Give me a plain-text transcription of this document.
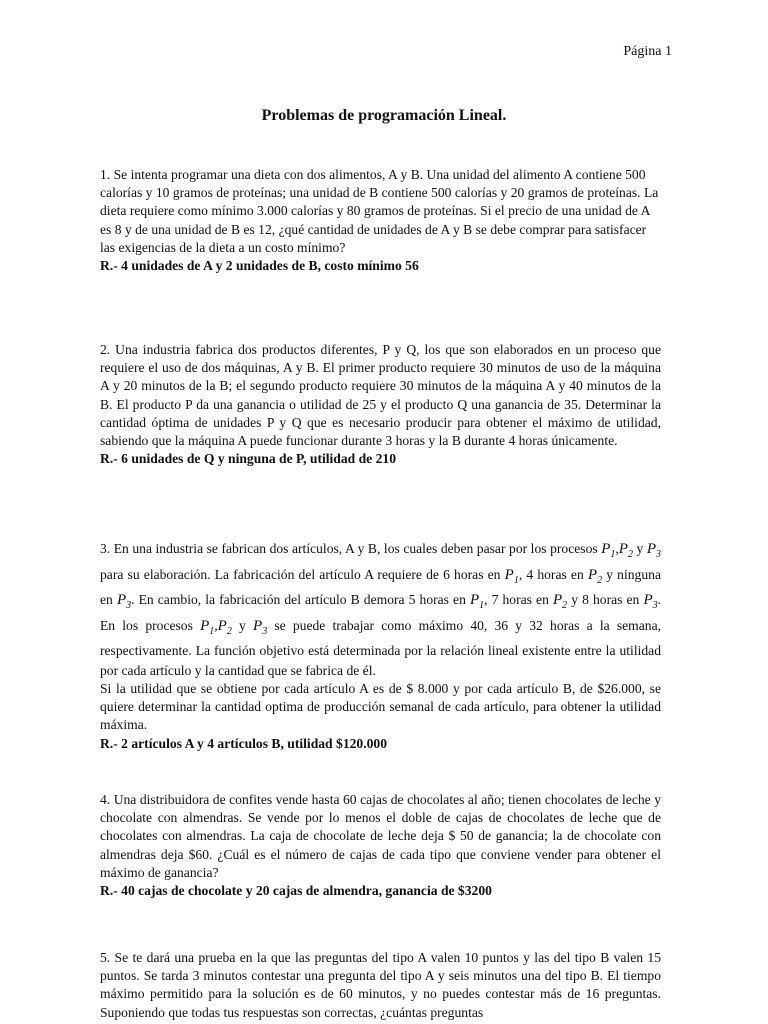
Página 1
Problemas de programación Lineal.

1. Se intenta programar una dieta con dos alimentos, A y B. Una unidad del alimento A contiene 500 calorías y 10 gramos de proteínas; una unidad de B contiene 500 calorías y 20 gramos de proteínas. La dieta requiere como mínimo 3.000 calorías y 80 gramos de proteínas. Si el precio de una unidad de A es 8 y de una unidad de B es 12, ¿qué cantidad de unidades de A y B se debe comprar para satisfacer las exigencias de la dieta a un costo mínimo?

R.- 4 unidades de A y 2 unidades de B, costo mínimo 56

2. Una industria fabrica dos productos diferentes, P y Q, los que son elaborados en un proceso que requiere el uso de dos máquinas, A y B. El primer producto requiere 30 minutos de uso de la máquina A y 20 minutos de la B; el segundo producto requiere 30 minutos de la máquina A y 40 minutos de la B. El producto P da una ganancia o utilidad de 25 y el producto Q una ganancia de 35. Determinar la cantidad óptima de unidades P y Q que es necesario producir para obtener el máximo de utilidad, sabiendo que la máquina A puede funcionar durante 3 horas y la B durante 4 horas únicamente.

R.- 6 unidades de Q y ninguna de P, utilidad de 210

3. En una industria se fabrican dos artículos, A y B, los cuales deben pasar por los procesos $P_1,P_2$ y $P_3$ para su elaboración. La fabricación del artículo A requiere de 6 horas en $P_1$, 4 horas en $P_2$ y ninguna en $P_3$. En cambio, la fabricación del artículo B demora 5 horas en $P_1$, 7 horas en $P_2$ y 8 horas en $P_3$. En los procesos $P_1,P_2$ y $P_3$ se puede trabajar como máximo 40, 36 y 32 horas a la semana, respectivamente. La función objetivo está determinada por la relación lineal existente entre la utilidad por cada artículo y la cantidad que se fabrica de él.

Si la utilidad que se obtiene por cada artículo A es de $ 8.000 y por cada artículo B, de $26.000, se quiere determinar la cantidad optima de producción semanal de cada artículo, para obtener la utilidad máxima.

R.- 2 artículos A y 4 artículos B, utilidad $120.000

4. Una distribuidora de confites vende hasta 60 cajas de chocolates al año; tienen chocolates de leche y chocolate con almendras. Se vende por lo menos el doble de cajas de chocolates de leche que de chocolates con almendras. La caja de chocolate de leche deja $ 50 de ganancia; la de chocolate con almendras deja $60. ¿Cuál es el número de cajas de cada tipo que conviene vender para obtener el máximo de ganancia?

R.- 40 cajas de chocolate y 20 cajas de almendra, ganancia de $3200

5. Se te dará una prueba en la que las preguntas del tipo A valen 10 puntos y las del tipo B valen 15 puntos. Se tarda 3 minutos contestar una pregunta del tipo A y seis minutos una del tipo B. El tiempo máximo permitido para la solución es de 60 minutos, y no puedes contestar más de 16 preguntas. Suponiendo que todas tus respuestas son correctas, ¿cuántas preguntas
